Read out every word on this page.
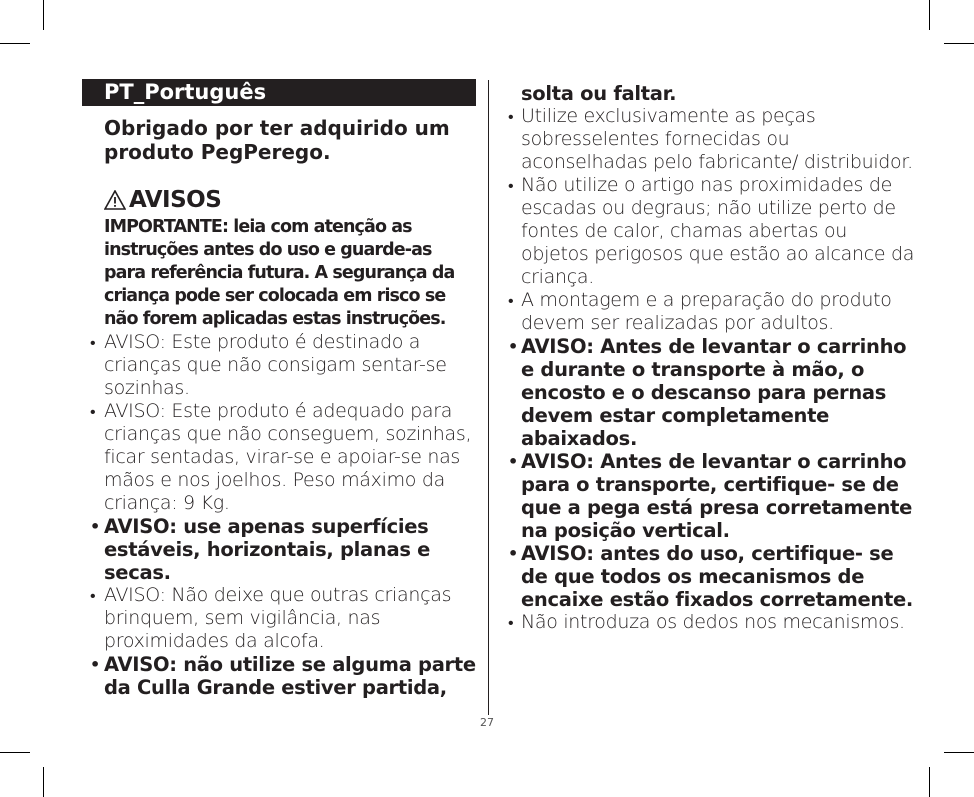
PT_Português
Obrigado por ter adquirido um produto PegPerego.
AVISOS
IMPORTANTE: leia com atenção as instruções antes do uso e guarde-as para referência futura. A segurança da criança pode ser colocada em risco se não forem aplicadas estas instruções.
• AVISO: Este produto é destinado a crianças que não consigam sentar-se sozinhas.
• AVISO: Este produto é adequado para crianças que não conseguem, sozinhas, ficar sentadas, virar-se e apoiar-se nas mãos e nos joelhos. Peso máximo da criança: 9 Kg.
• AVISO: use apenas superfícies estáveis, horizontais, planas e secas.
• AVISO: Não deixe que outras crianças brinquem, sem vigilância, nas proximidades da alcofa.
• AVISO: não utilize se alguma parte da Culla Grande estiver partida,
solta ou faltar.
• Utilize exclusivamente as peças sobresselentes fornecidas ou aconselhadas pelo fabricante/ distribuidor.
• Não utilize o artigo nas proximidades de escadas ou degraus; não utilize perto de fontes de calor, chamas abertas ou objetos perigosos que estão ao alcance da criança.
• A montagem e a preparação do produto devem ser realizadas por adultos.
• AVISO: Antes de levantar o carrinho e durante o transporte à mão, o encosto e o descanso para pernas devem estar completamente abaixados.
• AVISO: Antes de levantar o carrinho para o transporte, certifique- se de que a pega está presa corretamente na posição vertical.
• AVISO: antes do uso, certifique- se de que todos os mecanismos de encaixe estão fixados corretamente.
• Não introduza os dedos nos mecanismos.
27
